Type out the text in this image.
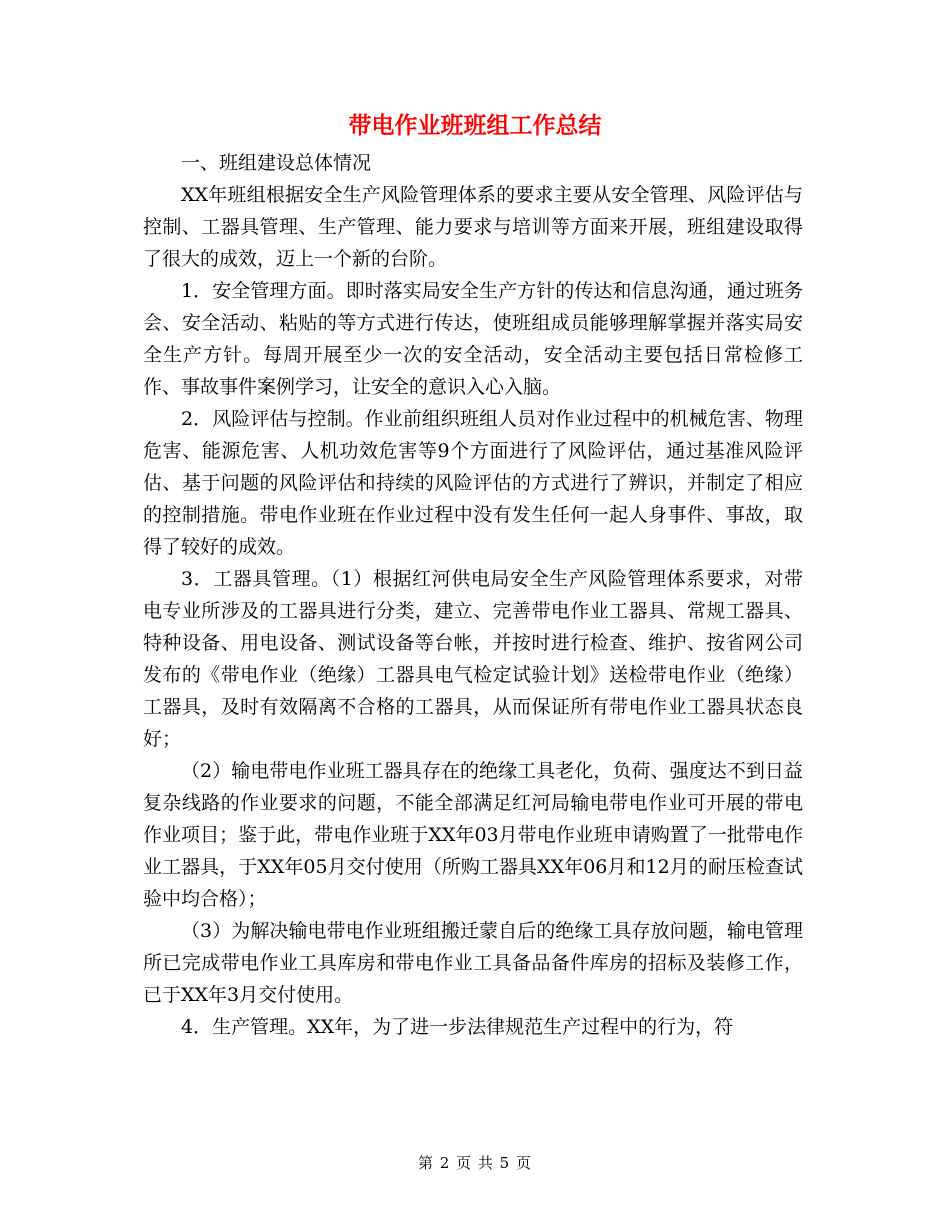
带电作业班班组工作总结

一、班组建设总体情况

XX年班组根据安全生产风险管理体系的要求主要从安全管理、风险评估与控制、工器具管理、生产管理、能力要求与培训等方面来开展，班组建设取得了很大的成效，迈上一个新的台阶。

1．安全管理方面。即时落实局安全生产方针的传达和信息沟通，通过班务会、安全活动、粘贴的等方式进行传达，使班组成员能够理解掌握并落实局安全生产方针。每周开展至少一次的安全活动，安全活动主要包括日常检修工作、事故事件案例学习，让安全的意识入心入脑。

2．风险评估与控制。作业前组织班组人员对作业过程中的机械危害、物理危害、能源危害、人机功效危害等9个方面进行了风险评估，通过基准风险评估、基于问题的风险评估和持续的风险评估的方式进行了辨识，并制定了相应的控制措施。带电作业班在作业过程中没有发生任何一起人身事件、事故，取得了较好的成效。

3．工器具管理。（1）根据红河供电局安全生产风险管理体系要求，对带电专业所涉及的工器具进行分类，建立、完善带电作业工器具、常规工器具、特种设备、用电设备、测试设备等台帐，并按时进行检查、维护、按省网公司发布的《带电作业（绝缘）工器具电气检定试验计划》送检带电作业（绝缘）工器具，及时有效隔离不合格的工器具，从而保证所有带电作业工器具状态良好；

（2）输电带电作业班工器具存在的绝缘工具老化，负荷、强度达不到日益复杂线路的作业要求的问题，不能全部满足红河局输电带电作业可开展的带电作业项目；鉴于此，带电作业班于XX年03月带电作业班申请购置了一批带电作业工器具，于XX年05月交付使用（所购工器具XX年06月和12月的耐压检查试验中均合格）；

（3）为解决输电带电作业班组搬迁蒙自后的绝缘工具存放问题，输电管理所已完成带电作业工具库房和带电作业工具备品备件库房的招标及装修工作，已于XX年3月交付使用。

4．生产管理。XX年，为了进一步法律规范生产过程中的行为，符

第 2 页 共 5 页
